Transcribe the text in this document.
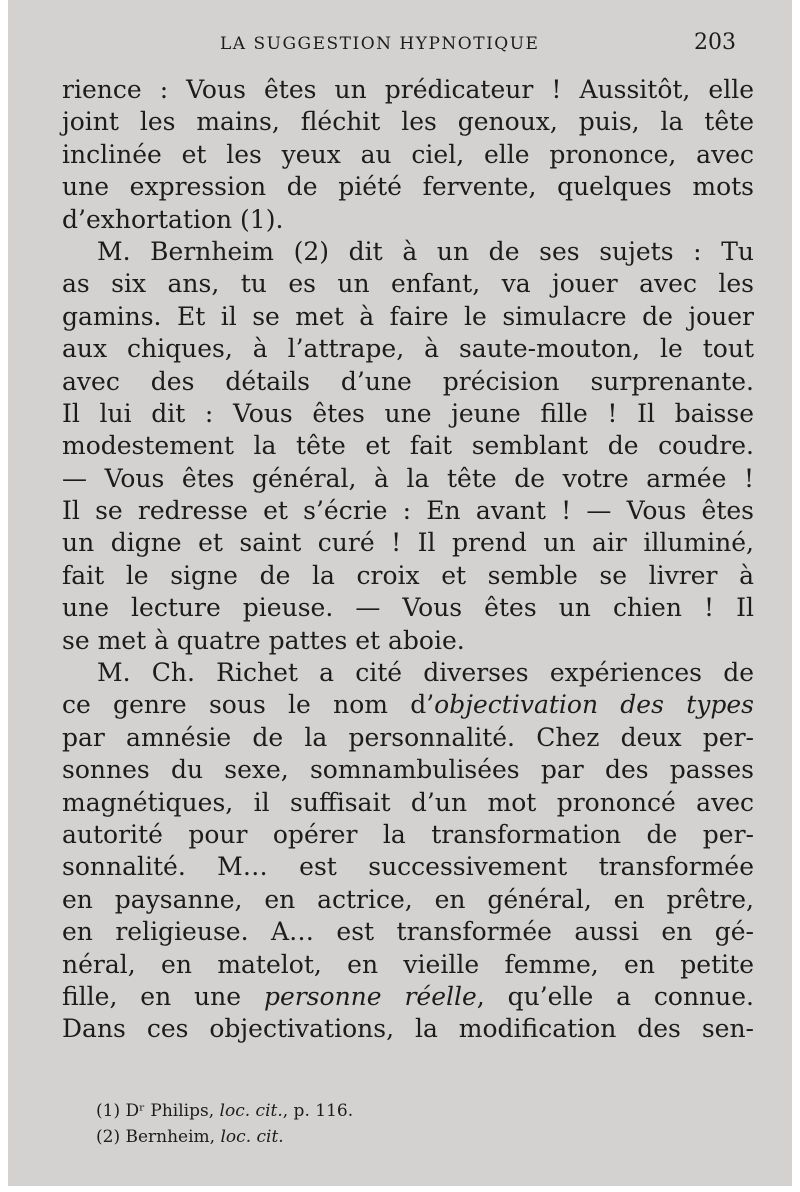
LA SUGGESTION HYPNOTIQUE	203
rience : Vous êtes un prédicateur ! Aussitôt, elle
joint les mains, fléchit les genoux, puis, la tête
inclinée et les yeux au ciel, elle prononce, avec
une expression de piété fervente, quelques mots
d’exhortation (1).
M. Bernheim (2) dit à un de ses sujets : Tu
as six ans, tu es un enfant, va jouer avec les
gamins. Et il se met à faire le simulacre de jouer
aux chiques, à l’attrape, à saute-mouton, le tout
avec des détails d’une précision surprenante.
Il lui dit : Vous êtes une jeune fille ! Il baisse
modestement la tête et fait semblant de coudre.
— Vous êtes général, à la tête de votre armée !
Il se redresse et s’écrie : En avant ! — Vous êtes
un digne et saint curé ! Il prend un air illuminé,
fait le signe de la croix et semble se livrer à
une lecture pieuse. — Vous êtes un chien ! Il
se met à quatre pattes et aboie.
M. Ch. Richet a cité diverses expériences de
ce genre sous le nom d’objectivation des types
par amnésie de la personnalité. Chez deux per-
sonnes du sexe, somnambulisées par des passes
magnétiques, il suffisait d’un mot prononcé avec
autorité pour opérer la transformation de per-
sonnalité. M… est successivement transformée
en paysanne, en actrice, en général, en prêtre,
en religieuse. A… est transformée aussi en gé-
néral, en matelot, en vieille femme, en petite
fille, en une personne réelle, qu’elle a connue.
Dans ces objectivations, la modification des sen-
(1) Dʳ Philips, loc. cit., p. 116.
(2) Bernheim, loc. cit.
